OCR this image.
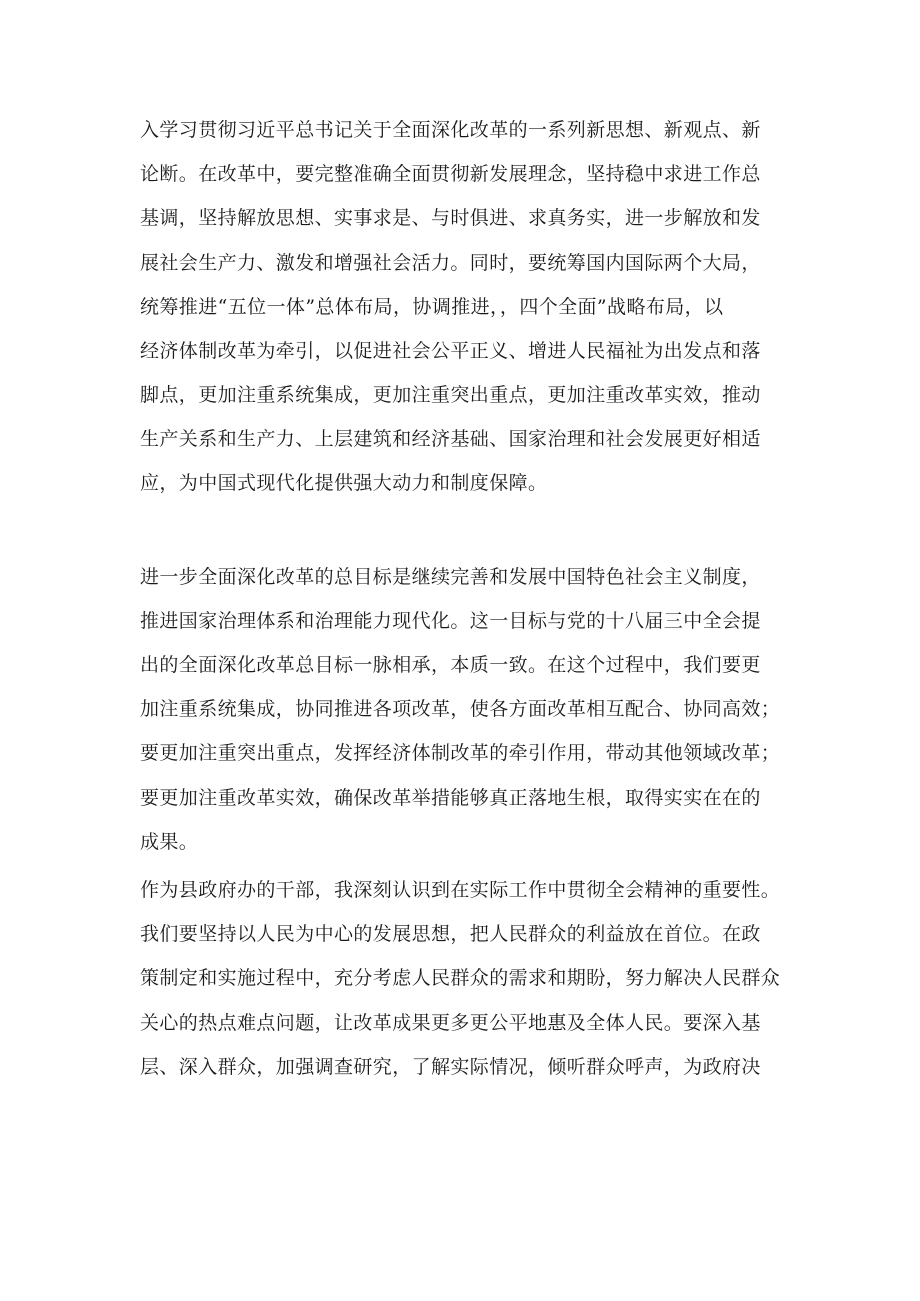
入学习贯彻习近平总书记关于全面深化改革的一系列新思想、新观点、新
论断。在改革中，要完整准确全面贯彻新发展理念，坚持稳中求进工作总
基调，坚持解放思想、实事求是、与时俱进、求真务实，进一步解放和发
展社会生产力、激发和增强社会活力。同时，要统筹国内国际两个大局，
统筹推进“五位一体”总体布局，协调推进，，四个全面”战略布局，以
经济体制改革为牵引，以促进社会公平正义、增进人民福祉为出发点和落
脚点，更加注重系统集成，更加注重突出重点，更加注重改革实效，推动
生产关系和生产力、上层建筑和经济基础、国家治理和社会发展更好相适
应，为中国式现代化提供强大动力和制度保障。
进一步全面深化改革的总目标是继续完善和发展中国特色社会主义制度，
推进国家治理体系和治理能力现代化。这一目标与党的十八届三中全会提
出的全面深化改革总目标一脉相承，本质一致。在这个过程中，我们要更
加注重系统集成，协同推进各项改革，使各方面改革相互配合、协同高效；
要更加注重突出重点，发挥经济体制改革的牵引作用，带动其他领域改革；
要更加注重改革实效，确保改革举措能够真正落地生根，取得实实在在的
成果。
作为县政府办的干部，我深刻认识到在实际工作中贯彻全会精神的重要性。
我们要坚持以人民为中心的发展思想，把人民群众的利益放在首位。在政
策制定和实施过程中，充分考虑人民群众的需求和期盼，努力解决人民群众
关心的热点难点问题，让改革成果更多更公平地惠及全体人民。要深入基
层、深入群众，加强调查研究，了解实际情况，倾听群众呼声，为政府决
